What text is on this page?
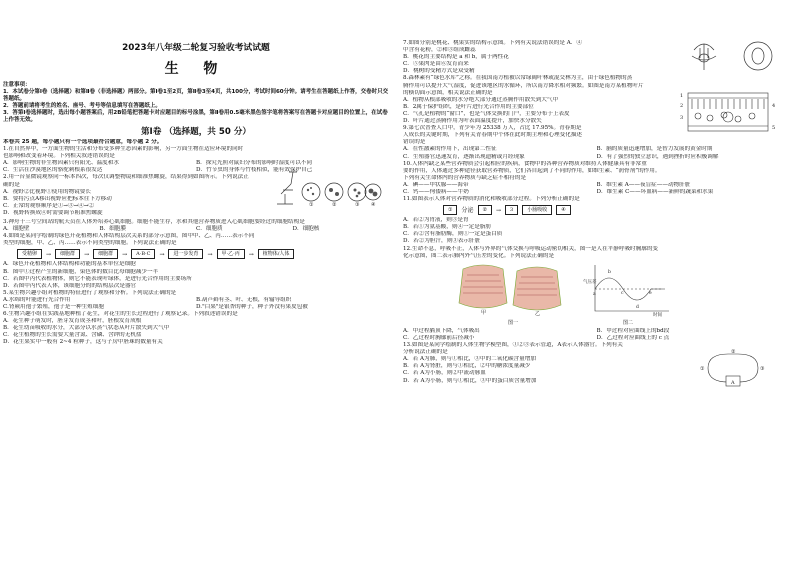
2023年八年级二轮复习验收考试试题
生 物
注意事项：

1．本试卷分第Ⅰ卷（选择题）和第Ⅱ卷（非选择题）两部分。第Ⅰ卷1至2页，第Ⅱ卷3至4页，共100分，考试时间60分钟。请考生在答题纸上作答，交卷时只交答题纸。

2．答题前请将考生的姓名、座号、考号等信息填写在答题纸上。

3．答第Ⅰ卷选择题时，选出每小题答案后，用2B铅笔把答题卡对应题目的标号涂黑，第Ⅱ卷用0.5毫米黑色签字笔将答案写在答题卡对应题目的位置上，在试卷上作答无效。

第Ⅰ卷 （选择题，共 50 分）
本卷共 25 题，每小题只有一个选项最符合题意，每小题 2 分。

1.在自然界中，一方面生物的生活和分布受多种生态因素的影响，另一方面生物在适应环境的同时

也影响和改变着环境。下列相关叙述错误的是

A．影响生物的非生物因素只有阳光、温度和水	B．探究光照对鼠妇分布的影响时湿度可以不同
C．生活在沙漠地区的骆驼刺根系很发达	D．竹节虫的身体与竹枝相似，能有效保护自己

2.用一台显微镜观察同一标本四次，每次仅调整物镜和细准焦螺旋，结果得到如图所示。下列说法正

确的是

A．视野②比视野①使用的物镜要长

B．要将污点A移出视野应把标本往下方移动

C．正常的观察顺序是①→③→④→②

D．视野转换成④时需要调节粗准焦螺旋

①	②	③ ④

3.神舟十三号空间站的航天员在人体外培养心肌细胞。细胞不能生存，水和其他营养物质进入心肌细胞要经过的细胞结构是

A．细胞壁	B．细胞膜	C．细胞质	D．细胞核

4.如图是某同学绘制的绿色开花植物和人体结构层次关系的部分示意图，图中甲、乙、丙……表示不同

类型的细胞，甲、乙、丙……表示不同类型的细胞。下列说法正确的是

受精卵	→	细胞群	→	细胞群	→	A·B·C	→	进一步发育	→	甲·乙·丙	→	植物体/人体

A．绿色开花植物和人体结构和功能的基本单位是细胞

B．图中①过程产生的新细胞，染色体的数目比母细胞减少一半

C．若图中丙代表植物体，则它不能表现叶绿体，是进行光合作用的主要场所

D．若图中丙代表人体，该细胞分的的结构层次是器官

5.某生物兴趣小组对植物的特征进行了观察和分析。下列说法正确的是

A.水绵的叶能进行光合作用	B.葫芦藓有茎、叶、无根，有输导组织
C.肾蕨用孢子繁殖，孢子是一种生殖细胞	D."白果"是银杏的种子，种子外没有果皮包被

6.生物兴趣小组在实践基地种植了花生，对花生的生长过程进行了观察记录。下列叙述错误的是

A．花生种子萌发时，胚芽发育成茎和叶，胚根发育成根

B．花生幼苗吸收的水分，大部分以水蒸气状态从叶片散失到大气中

C．花生植物的生长需要大量含氮、含磷、含钾的无机盐

D．花生果实中一般有 2~4 粒种子，这与子房中胚珠的数量有关

7.如图分别是桃花、桃果实的结构示意图。下列有关说法错误的是 A．④

中含有花粉，②和③组成雌蕊

B．桃花的主要结构是 a 和 b，属于两性花

C．⑤果肉是由⑥发育而来

D．桃树的受精方式是双受精

8.森林素有“绿色水库”之称。在我国南方植被以常绿阔叶林或混交林为主，由于绿色植物的蒸

腾作用可以提升大气湿度，促进该地区的水循环，所以南方降水相对频繁。如图是南方某植物叶片

的横切面示意图，相关说法正确的是

A．植物从根部吸收的水分绝大部分通过蒸腾作用散失到大气中

B．2属于保护组织，是叶片进行光合作用的主要部位

C．气孔是植物的“窗口”，也是气体交换的门户，主要分布于上表皮

D．叶片通过蒸腾作用为叶表面温度提升，加快水分散失

1
2
3
4
5

9.第七次普查人口中，青少年为 25338 万人，占比 17.95%。青春期是

人成长的关键时期，下列有关青春期中个体在此时期主理和心理变化描述

错误的是

A．在性激素的作用下，出现第二性征	B．脑的质量迅速增加，是智力发展的黄金时期
C．生殖器官迅速发育，逐渐出现遗精或月经现象	D．有了强烈的独立意识，遇到挫折时应积极调解

10.人体内缺乏某些营养物质会引起相应的疾病，食物中的各种营养物质对维持人体健康具有非常重

要的作用，人体通过多种途径获取营养物质，它们各自起到了不同的作用，如维生素、“润骨剂”的作用。

下列有关生命体内的营养物质与缺乏症不相符的是

A．碘——甲状腺——海带	B．维生素 A——夜盲症——动物肝脏
C．钙——佝偻病——牛奶	D．维生素 C——坏血病——新鲜的蔬菜和水果

11.如图表示人体对营养物质的消化和吸收部分过程。下列分析正确的是

①	分泌	②	→	3	小肠吸收	④

A．若②为胃液，则③是胃

B．若①为氨基酸，则④一定是脂肪

C．若②含有脂肪酶，则①一定是蛋白质

D．若②为胆汁，则③表示肝脏

12.生命不息，呼吸不止，人体与外界的气体交换与呼吸运动密切相关，图一是人在平静呼吸时胸廓的变

化示意图，图二表示肺内外气压差的变化。下列说法正确的是

甲	乙
图一
气压差
时间
a
b
c
d
e
图二
A．甲过程膈顶下降，气体吸出	B．甲过程对应曲线上的bd段
C．乙过程时胸廓前后径减小	D．乙过程对应曲线上的 c 点

13.如图是某同学绘制的人体生物学模型图，①②③表示管道，A表示人体器官。下列有关

分析说法正确的是

A．若 A为肺，则与①相比，③中的二氧化碳含量增加

B．若 A为肾脏，则与①相比，②中的糖浓度量减少

C．若 A为小肠，则②中流动脉血

D．若 A为小肠，则与①相比，③中的蛋白质含量增加

①
②
③
A
